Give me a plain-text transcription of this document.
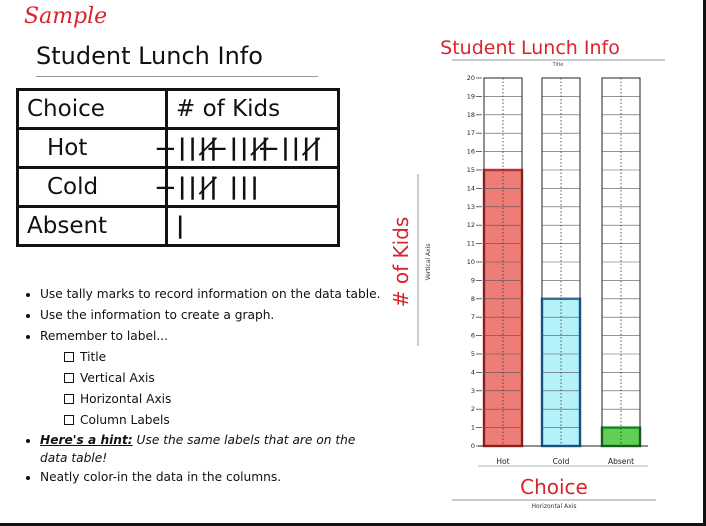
Sample
Student Lunch Info
Choice	# of Kids
Hot	̶||||̸ ̶||||̸ ̶||||̸
Cold	̶||||̸ |||
Absent	|
• Use tally marks to record information on the data table.
• Use the information to create a graph.
• Remember to label...
Title
Vertical Axis
Horizontal Axis
Column Labels
• Here's a hint: Use the same labels that are on the data table!
• Neatly color-in the data in the columns.
Student Lunch Info
Title
# of Kids Vertical Axis
0
1
2
3
4
5
6
7
8
9
10
11
12
13
14
15
16
17
18
19
20
Hot	Cold	Absent
Choice
Horizontal Axis
